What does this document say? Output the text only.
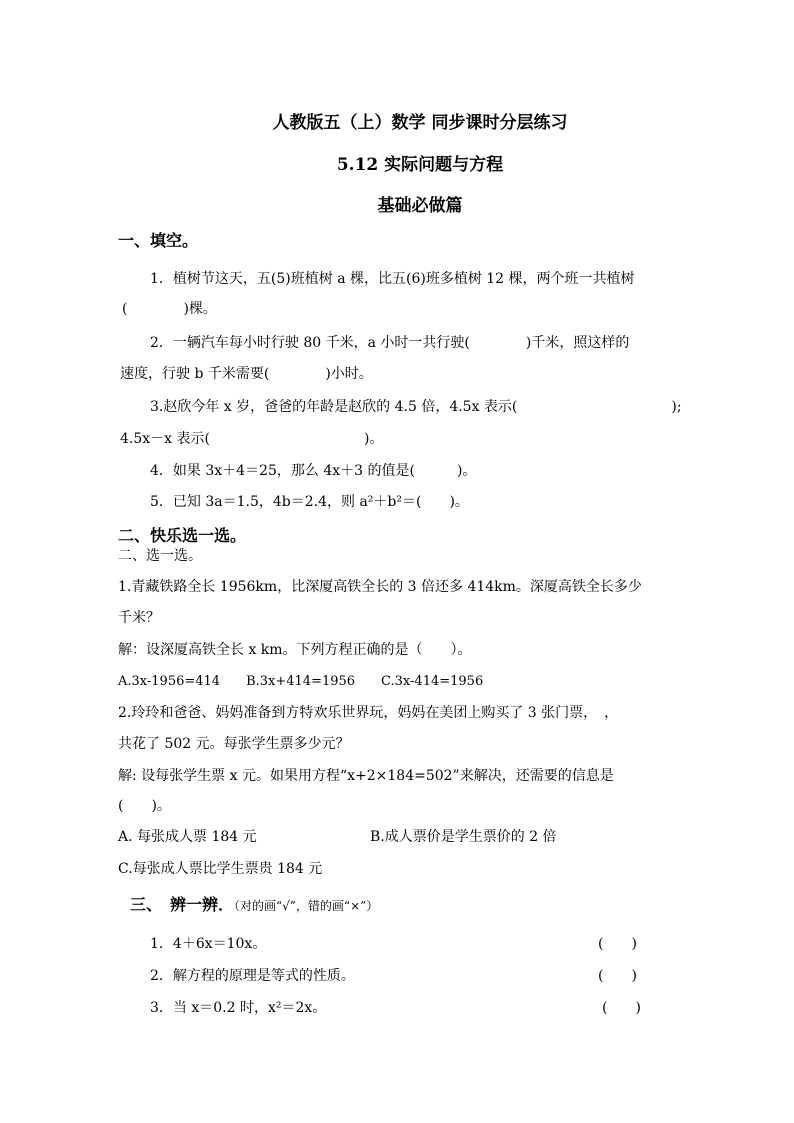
人教版五（上）数学 同步课时分层练习
5.12 实际问题与方程
基础必做篇
一、填空。
1．植树节这天，五(5)班植树 a 棵，比五(6)班多植树 12 棵，两个班一共植树
(　　　　)棵。
2．一辆汽车每小时行驶 80 千米，a 小时一共行驶(　　　　)千米，照这样的
速度，行驶 b 千米需要(　　　　)小时。
3.赵欣今年 x 岁，爸爸的年龄是赵欣的 4.5 倍，4.5x 表示(　　　　　　　　　　　);
4.5x－x 表示(　　　　　　　　　　　)。
4．如果 3x＋4＝25，那么 4x＋3 的值是(　　　)。
5．已知 3a＝1.5，4b＝2.4，则 a²＋b²＝(　　)。
二、快乐选一选。
二、选一选。
1.青藏铁路全长 1956km，比深厦高铁全长的 3 倍还多 414km。深厦高铁全长多少
千米？
解：设深厦高铁全长 x km。下列方程正确的是（　　）。
A.3x-1956=414　　B.3x+414=1956　　C.3x-414=1956
2.玲玲和爸爸、妈妈准备到方特欢乐世界玩，妈妈在美团上购买了 3 张门票，　，
共花了 502 元。每张学生票多少元？
解: 设每张学生票 x 元。如果用方程“x+2×184=502”来解决，还需要的信息是
(　　)。
A. 每张成人票 184 元	B.成人票价是学生票价的 2 倍
C.每张成人票比学生票贵 184 元
三、　辨一辨．（对的画“√”，错的画“×”）
1．4＋6x＝10x。	(　　)
2．解方程的原理是等式的性质。	(　　)
3．当 x＝0.2 时，x²＝2x。	(　　)
